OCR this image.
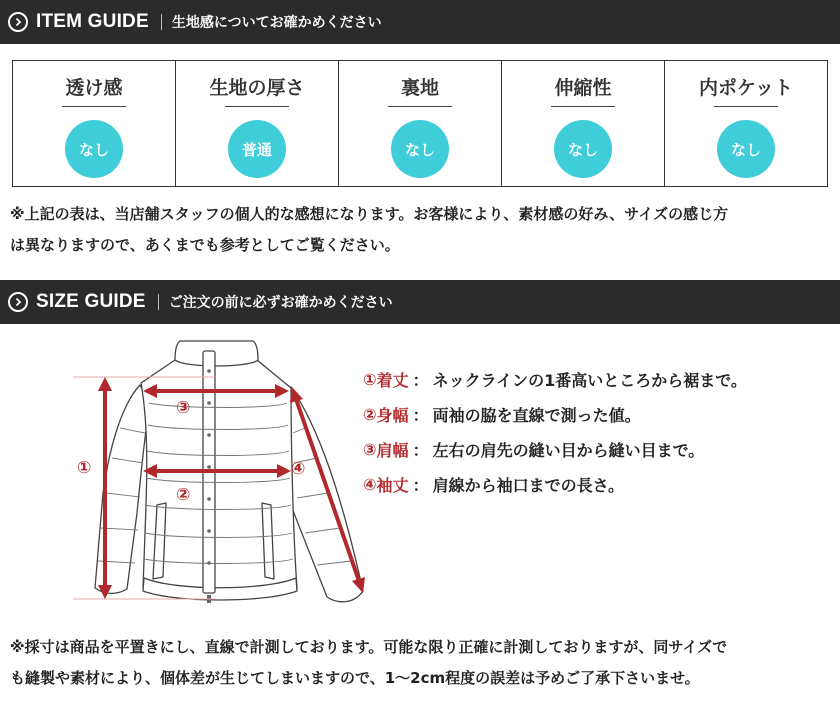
ITEM GUIDE 生地感についてお確かめください
透け感
なし
生地の厚さ
普通
裏地
なし
伸縮性
なし
内ポケット
なし
※上記の表は、当店舗スタッフの個人的な感想になります。お客様により、素材感の好み、サイズの感じ方
は異なりますので、あくまでも参考としてご覧ください。
SIZE GUIDE ご注文の前に必ずお確かめください
①
②
③
④
① 着丈 ： ネックラインの1番高いところから裾まで。
② 身幅 ： 両袖の脇を直線で測った値。
③ 肩幅 ： 左右の肩先の縫い目から縫い目まで。
④ 袖丈 ： 肩線から袖口までの長さ。
※採寸は商品を平置きにし、直線で計測しております。可能な限り正確に計測しておりますが、同サイズで
も縫製や素材により、個体差が生じてしまいますので、1〜2cm程度の誤差は予めご了承下さいませ。
